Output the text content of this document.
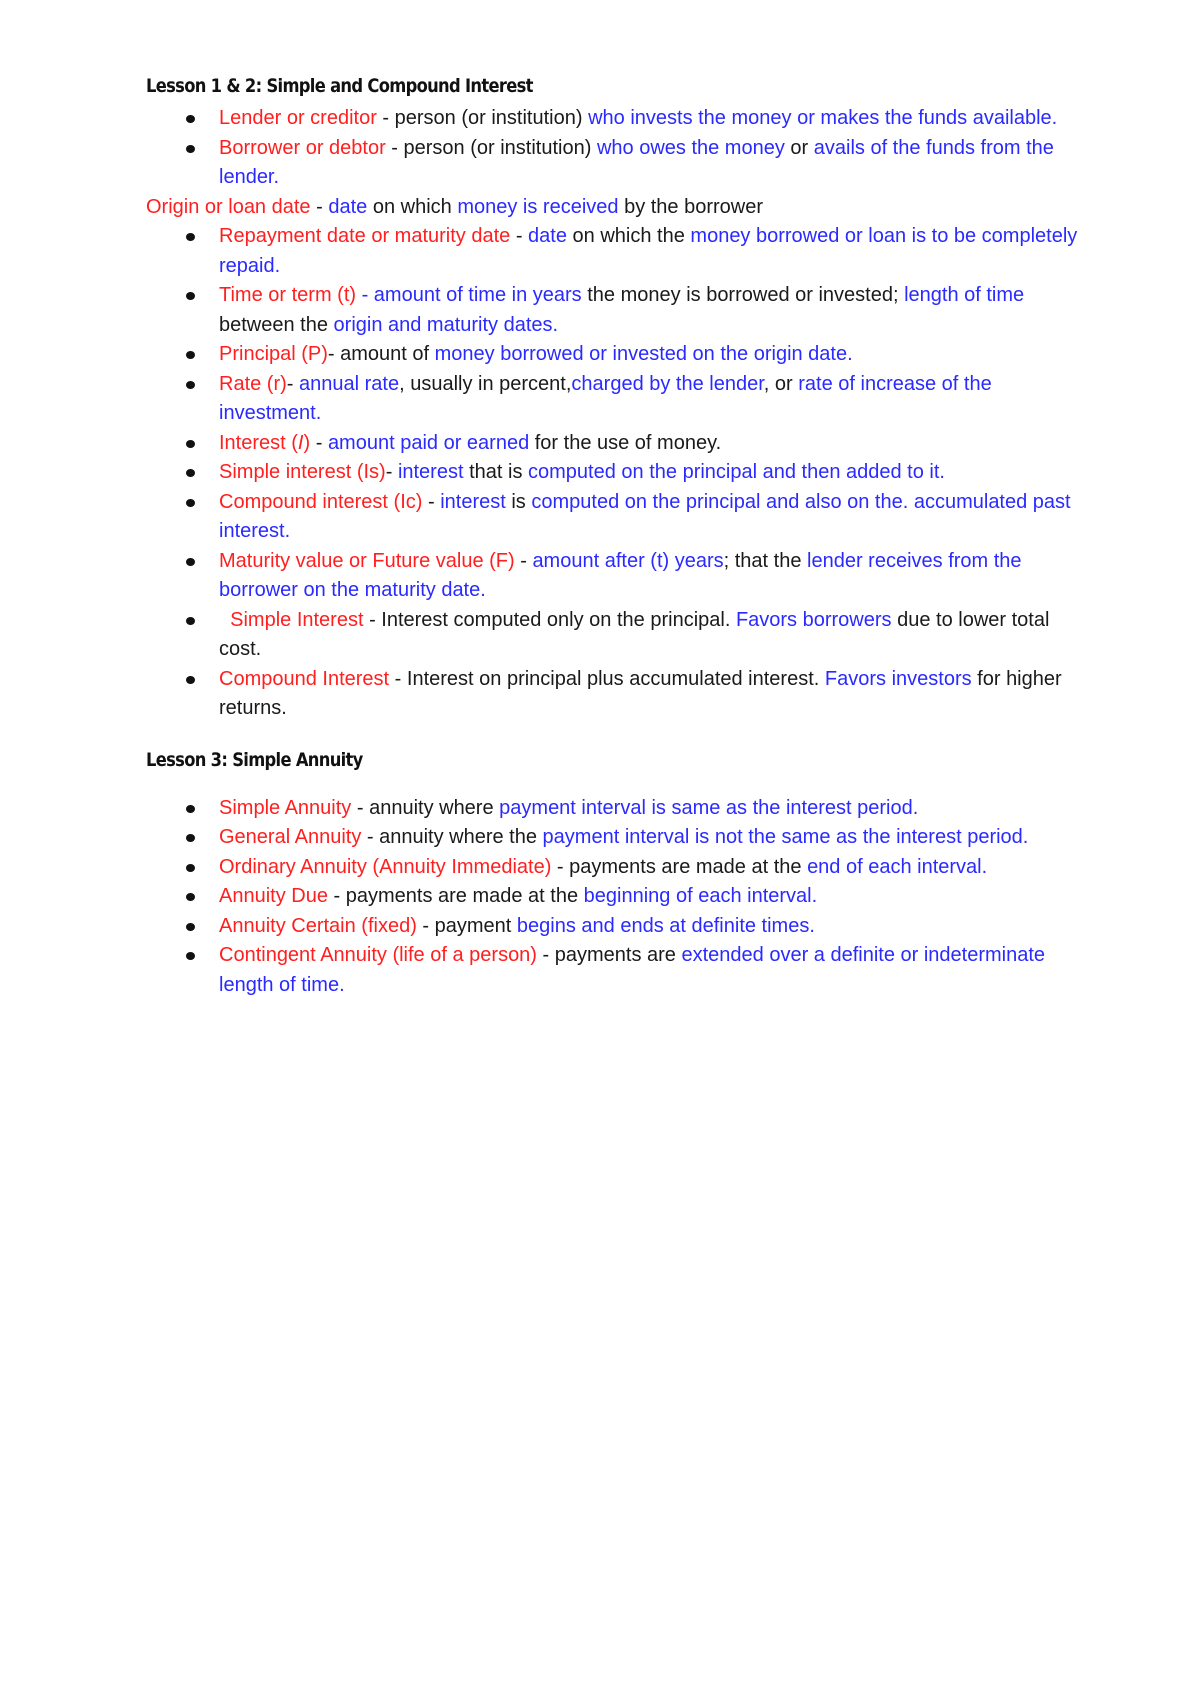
Lesson 1 & 2: Simple and Compound Interest
Lender or creditor - person (or institution) who invests the money or makes the funds available.
Borrower or debtor - person (or institution) who owes the money or avails of the funds from the lender.
Origin or loan date - date on which money is received by the borrower
Repayment date or maturity date - date on which the money borrowed or loan is to be completely repaid.
Time or term (t) - amount of time in years the money is borrowed or invested; length of time between the origin and maturity dates.
Principal (P)- amount of money borrowed or invested on the origin date.
Rate (r)- annual rate, usually in percent,charged by the lender, or rate of increase of the investment.
Interest (I) - amount paid or earned for the use of money.
Simple interest (Is)- interest that is computed on the principal and then added to it.
Compound interest (Ic) - interest is computed on the principal and also on the. accumulated past interest.
Maturity value or Future value (F) - amount after (t) years; that the lender receives from the borrower on the maturity date.
Simple Interest - Interest computed only on the principal. Favors borrowers due to lower total cost.
Compound Interest - Interest on principal plus accumulated interest. Favors investors for higher returns.
Lesson 3: Simple Annuity
Simple Annuity - annuity where payment interval is same as the interest period.
General Annuity - annuity where the payment interval is not the same as the interest period.
Ordinary Annuity (Annuity Immediate) - payments are made at the end of each interval.
Annuity Due - payments are made at the beginning of each interval.
Annuity Certain (fixed) - payment begins and ends at definite times.
Contingent Annuity (life of a person) - payments are extended over a definite or indeterminate length of time.
